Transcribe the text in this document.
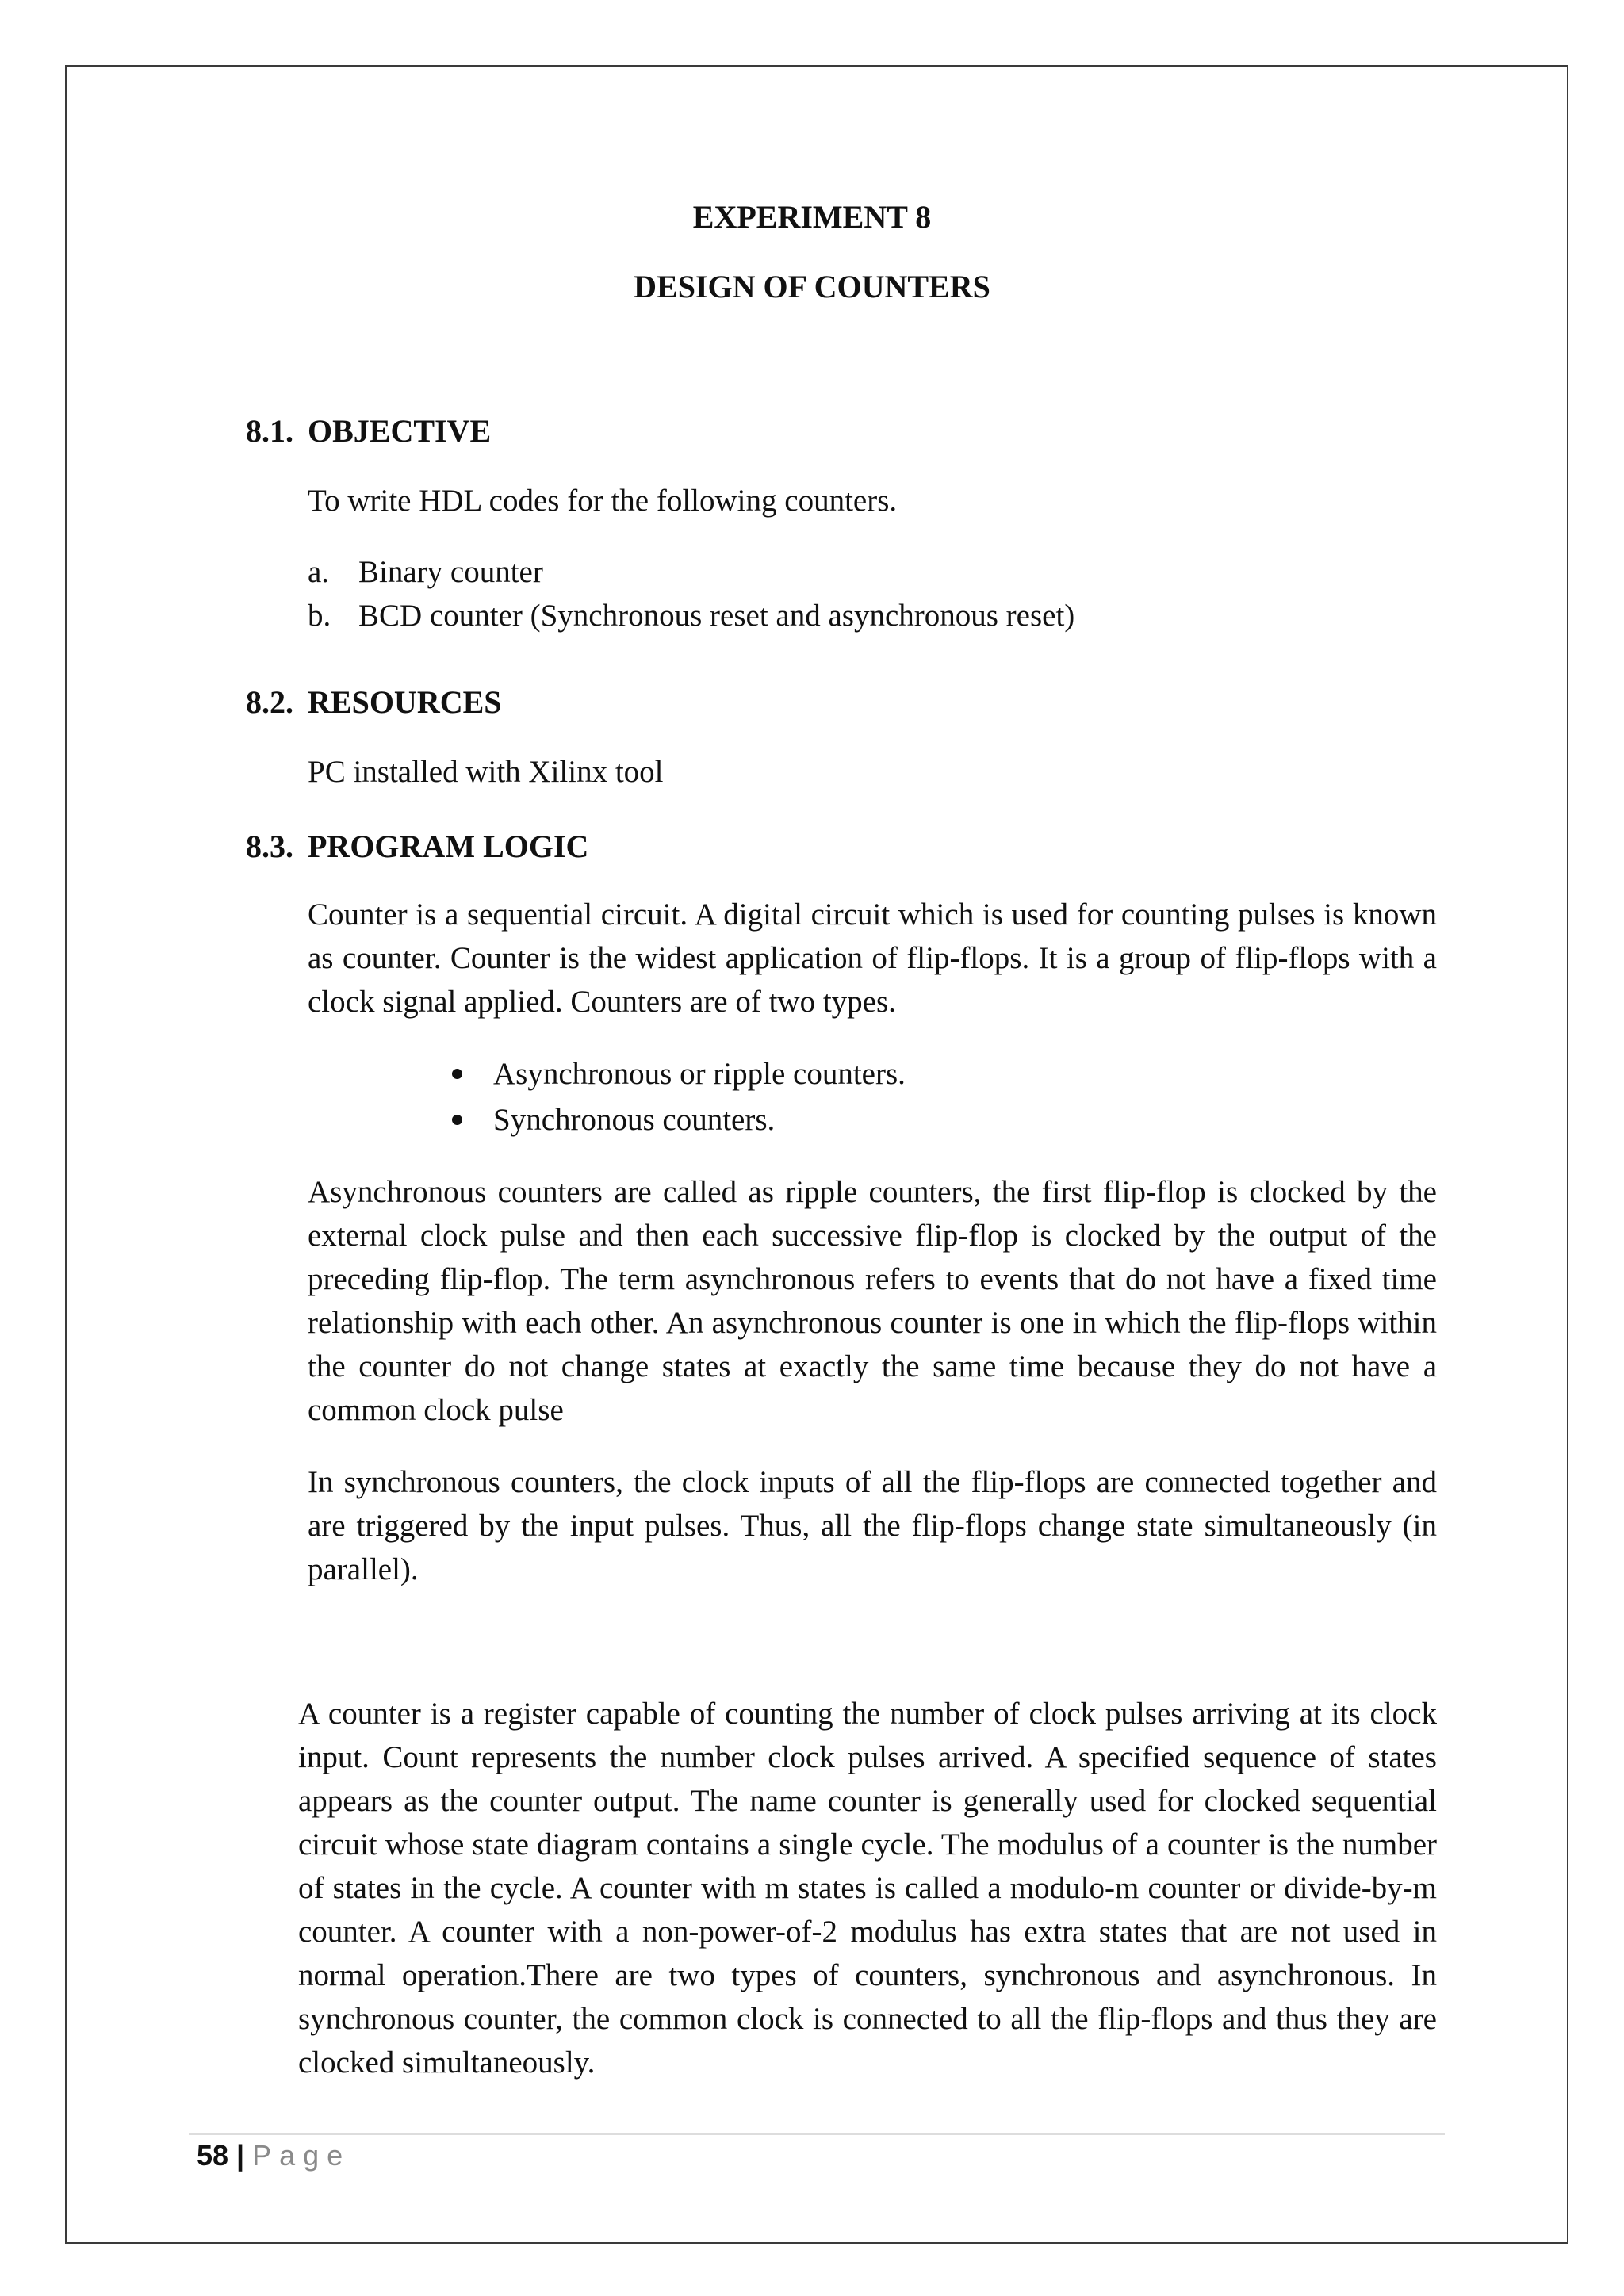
EXPERIMENT 8
DESIGN OF COUNTERS
8.1. OBJECTIVE
To write HDL codes for the following counters.
a. Binary counter
b. BCD counter (Synchronous reset and asynchronous reset)
8.2. RESOURCES
PC installed with Xilinx tool
8.3. PROGRAM LOGIC
Counter is a sequential circuit. A digital circuit which is used for counting pulses is known as counter. Counter is the widest application of flip-flops. It is a group of flip-flops with a clock signal applied. Counters are of two types.
Asynchronous or ripple counters.
Synchronous counters.
Asynchronous counters are called as ripple counters, the first flip-flop is clocked by the external clock pulse and then each successive flip-flop is clocked by the output of the preceding flip-flop. The term asynchronous refers to events that do not have a fixed time relationship with each other. An asynchronous counter is one in which the flip-flops within the counter do not change states at exactly the same time because they do not have a common clock pulse
In synchronous counters, the clock inputs of all the flip-flops are connected together and are triggered by the input pulses. Thus, all the flip-flops change state simultaneously (in parallel).
A counter is a register capable of counting the number of clock pulses arriving at its clock input. Count represents the number clock pulses arrived. A specified sequence of states appears as the counter output. The name counter is generally used for clocked sequential circuit whose state diagram contains a single cycle. The modulus of a counter is the number of states in the cycle. A counter with m states is called a modulo-m counter or divide-by-m counter. A counter with a non-power-of-2 modulus has extra states that are not used in normal operation.There are two types of counters, synchronous and asynchronous. In synchronous counter, the common clock is connected to all the flip-flops and thus they are clocked simultaneously.
58 | Page
